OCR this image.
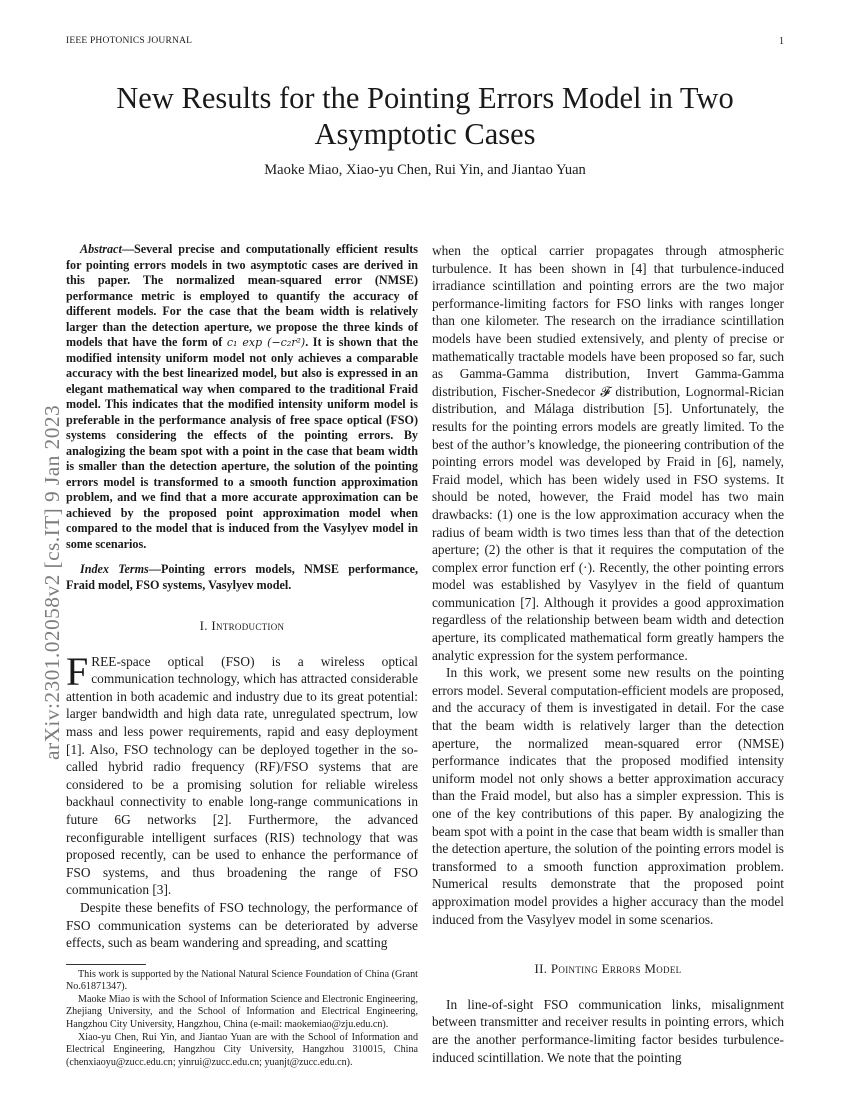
IEEE PHOTONICS JOURNAL	1
arXiv:2301.02058v2 [cs.IT] 9 Jan 2023
New Results for the Pointing Errors Model in Two Asymptotic Cases
Maoke Miao, Xiao-yu Chen, Rui Yin, and Jiantao Yuan

Abstract—Several precise and computationally efficient results for pointing errors models in two asymptotic cases are derived in this paper. The normalized mean-squared error (NMSE) performance metric is employed to quantify the accuracy of different models. For the case that the beam width is relatively larger than the detection aperture, we propose the three kinds of models that have the form of c₁ exp (−c₂r²). It is shown that the modified intensity uniform model not only achieves a comparable accuracy with the best linearized model, but also is expressed in an elegant mathematical way when compared to the traditional Fraid model. This indicates that the modified intensity uniform model is preferable in the performance analysis of free space optical (FSO) systems considering the effects of the pointing errors. By analogizing the beam spot with a point in the case that beam width is smaller than the detection aperture, the solution of the pointing errors model is transformed to a smooth function approximation problem, and we find that a more accurate approximation can be achieved by the proposed point approximation model when compared to the model that is induced from the Vasylyev model in some scenarios.

Index Terms—Pointing errors models, NMSE performance, Fraid model, FSO systems, Vasylyev model.

I. Introduction

FREE-space optical (FSO) is a wireless optical communication technology, which has attracted considerable attention in both academic and industry due to its great potential: larger bandwidth and high data rate, unregulated spectrum, low mass and less power requirements, rapid and easy deployment [1]. Also, FSO technology can be deployed together in the so-called hybrid radio frequency (RF)/FSO systems that are considered to be a promising solution for reliable wireless backhaul connectivity to enable long-range communications in future 6G networks [2]. Furthermore, the advanced reconfigurable intelligent surfaces (RIS) technology that was proposed recently, can be used to enhance the performance of FSO systems, and thus broadening the range of FSO communication [3].

Despite these benefits of FSO technology, the performance of FSO communication systems can be deteriorated by adverse effects, such as beam wandering and spreading, and scatting

This work is supported by the National Natural Science Foundation of China (Grant No.61871347).

Maoke Miao is with the School of Information Science and Electronic Engineering, Zhejiang University, and the School of Information and Electrical Engineering, Hangzhou City University, Hangzhou, China (e-mail: maokemiao@zju.edu.cn).

Xiao-yu Chen, Rui Yin, and Jiantao Yuan are with the School of Information and Electrical Engineering, Hangzhou City University, Hangzhou 310015, China (chenxiaoyu@zucc.edu.cn; yinrui@zucc.edu.cn; yuanjt@zucc.edu.cn).

when the optical carrier propagates through atmospheric turbulence. It has been shown in [4] that turbulence-induced irradiance scintillation and pointing errors are the two major performance-limiting factors for FSO links with ranges longer than one kilometer. The research on the irradiance scintillation models have been studied extensively, and plenty of precise or mathematically tractable models have been proposed so far, such as Gamma-Gamma distribution, Invert Gamma-Gamma distribution, Fischer-Snedecor 𝓕 distribution, Lognormal-Rician distribution, and Málaga distribution [5]. Unfortunately, the results for the pointing errors models are greatly limited. To the best of the author’s knowledge, the pioneering contribution of the pointing errors model was developed by Fraid in [6], namely, Fraid model, which has been widely used in FSO systems. It should be noted, however, the Fraid model has two main drawbacks: (1) one is the low approximation accuracy when the radius of beam width is two times less than that of the detection aperture; (2) the other is that it requires the computation of the complex error function erf (·). Recently, the other pointing errors model was established by Vasylyev in the field of quantum communication [7]. Although it provides a good approximation regardless of the relationship between beam width and detection aperture, its complicated mathematical form greatly hampers the analytic expression for the system performance.

In this work, we present some new results on the pointing errors model. Several computation-efficient models are proposed, and the accuracy of them is investigated in detail. For the case that the beam width is relatively larger than the detection aperture, the normalized mean-squared error (NMSE) performance indicates that the proposed modified intensity uniform model not only shows a better approximation accuracy than the Fraid model, but also has a simpler expression. This is one of the key contributions of this paper. By analogizing the beam spot with a point in the case that beam width is smaller than the detection aperture, the solution of the pointing errors model is transformed to a smooth function approximation problem. Numerical results demonstrate that the proposed point approximation model provides a higher accuracy than the model induced from the Vasylyev model in some scenarios.

II. Pointing Errors Model

In line-of-sight FSO communication links, misalignment between transmitter and receiver results in pointing errors, which are the another performance-limiting factor besides turbulence-induced scintillation. We note that the pointing
